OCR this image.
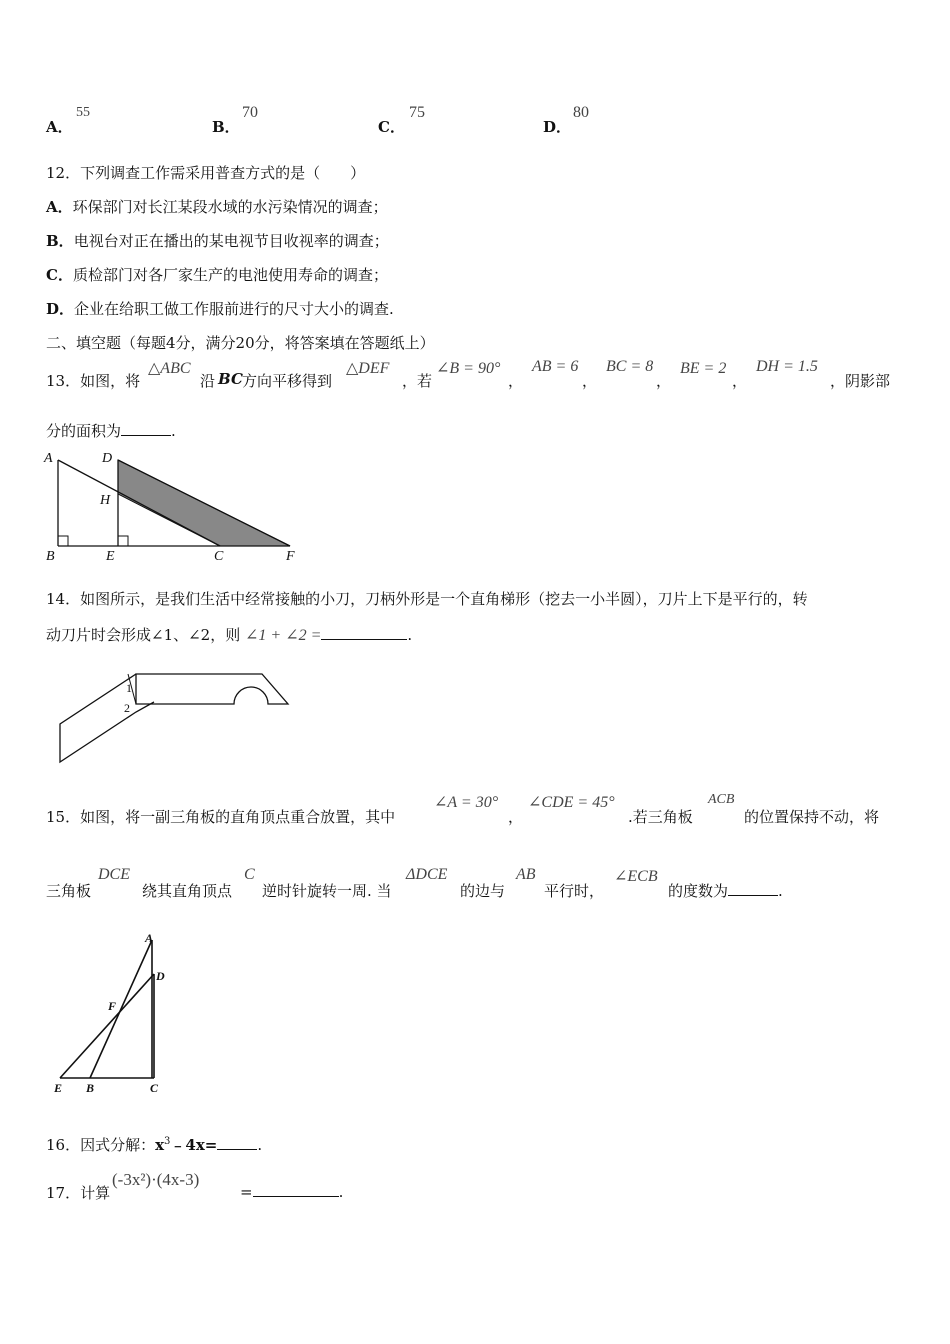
A．
55
B．
70
C．
75
D．
80
12．下列调查工作需采用普查方式的是（　　）
A．环保部门对长江某段水域的水污染情况的调查；
B．电视台对正在播出的某电视节目收视率的调查；
C．质检部门对各厂家生产的电池使用寿命的调查；
D．企业在给职工做工作服前进行的尺寸大小的调查.
二、填空题（每题4分，满分20分，将答案填在答题纸上）
13．如图，将
△ABC
沿 BC 方向平移得到
△DEF
，若
∠B = 90°
，
AB = 6
，
BC = 8
，
BE = 2
，
DH = 1.5
，阴影部
分的面积为	.
A	D
H
B	E	C	F
14．如图所示，是我们生活中经常接触的小刀，刀柄外形是一个直角梯形（挖去一小半圆），刀片上下是平行的，转
动刀片时会形成∠1、∠2，则 ∠1 + ∠2 =	.
1
2
15．如图，将一副三角板的直角顶点重合放置，其中
∠A = 30°
，
∠CDE = 45°
.若三角板
ACB
的位置保持不动，将
三角板
DCE
绕其直角顶点
C
逆时针旋转一周. 当
ΔDCE
的边与
AB
平行时，
∠ECB
的度数为	.
A
D
F
E B	C
16．因式分解：$x^3﹣4x=$	.
17．计算
(-3x²)·(4x-3)
=	.
